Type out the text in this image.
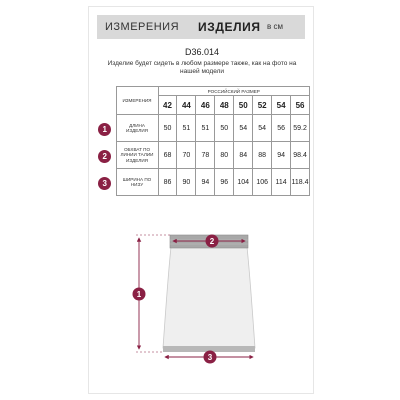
ИЗМЕРЕНИЯ ИЗДЕЛИЯ в см
D36.014
Изделие будет сидеть в любом размере также, как на фото на
нашей модели
	ИЗМЕРЕНИЯ	РОССИЙСКИЙ РАЗМЕР							
		42	44	46	48	50	52	54	56
1	ДЛИНА
ИЗДЕЛИЯ	50	51	51	50	54	54	56	59.2
2	ОБХВАТ ПО
ЛИНИИ ТАЛИИ
ИЗДЕЛИЯ	68	70	78	80	84	88	94	98.4
3	ШИРИНА ПО
НИЗУ	86	90	94	96	104	106	114	118.4
1
2
3
